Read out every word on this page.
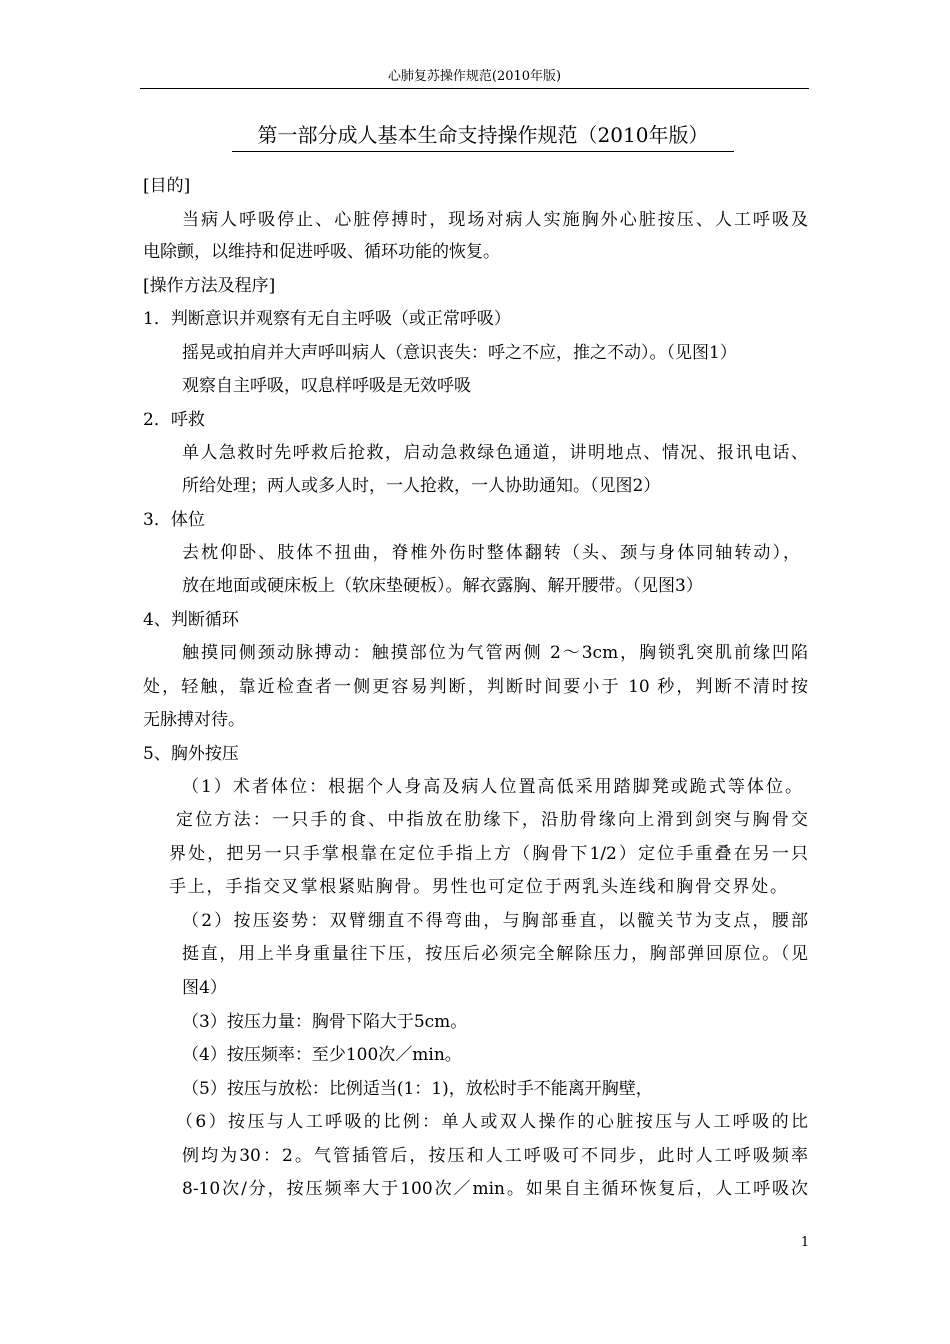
心肺复苏操作规范(2010年版)
第一部分成人基本生命支持操作规范（2010年版）
[目的]
当病人呼吸停止、心脏停搏时，现场对病人实施胸外心脏按压、人工呼吸及
电除颤，以维持和促进呼吸、循环功能的恢复。
[操作方法及程序]
1．判断意识并观察有无自主呼吸（或正常呼吸）
摇晃或拍肩并大声呼叫病人（意识丧失：呼之不应，推之不动）。（见图1）
观察自主呼吸，叹息样呼吸是无效呼吸
2．呼救
单人急救时先呼救后抢救，启动急救绿色通道，讲明地点、情况、报讯电话、
所给处理；两人或多人时，一人抢救，一人协助通知。（见图2）
3．体位
去枕仰卧、肢体不扭曲，脊椎外伤时整体翻转（头、颈与身体同轴转动），
放在地面或硬床板上（软床垫硬板）。解衣露胸、解开腰带。（见图3）
4、判断循环
触摸同侧颈动脉搏动：触摸部位为气管两侧 2～3cm，胸锁乳突肌前缘凹陷
处，轻触，靠近检查者一侧更容易判断，判断时间要小于 10 秒，判断不清时按
无脉搏对待。
5、胸外按压
（1）术者体位：根据个人身高及病人位置高低采用踏脚凳或跪式等体位。
定位方法：一只手的食、中指放在肋缘下，沿肋骨缘向上滑到剑突与胸骨交
界处，把另一只手掌根靠在定位手指上方（胸骨下1/2）定位手重叠在另一只
手上，手指交叉掌根紧贴胸骨。男性也可定位于两乳头连线和胸骨交界处。
（2）按压姿势：双臂绷直不得弯曲，与胸部垂直，以髋关节为支点，腰部
挺直，用上半身重量往下压，按压后必须完全解除压力，胸部弹回原位。（见
图4）
（3）按压力量：胸骨下陷大于5cm。
（4）按压频率：至少100次／min。
（5）按压与放松：比例适当(1：1)，放松时手不能离开胸壁，
（6）按压与人工呼吸的比例：单人或双人操作的心脏按压与人工呼吸的比
例均为30：2。气管插管后，按压和人工呼吸可不同步，此时人工呼吸频率
8-10次/分，按压频率大于100次／min。如果自主循环恢复后，人工呼吸次
1
